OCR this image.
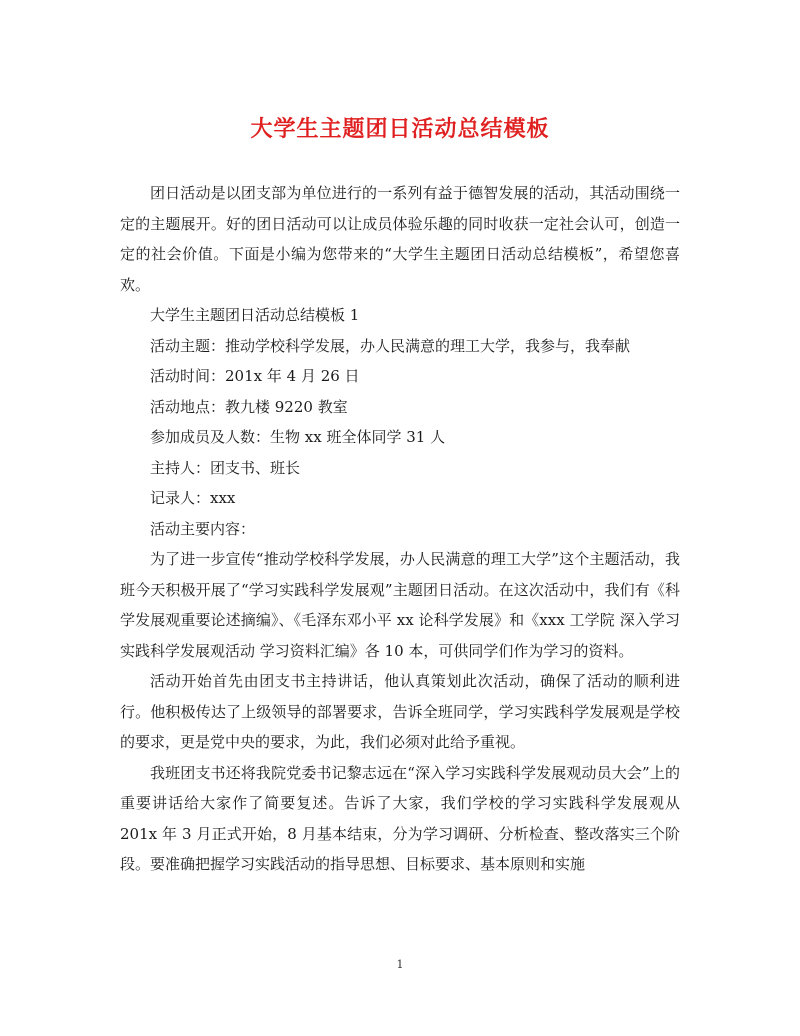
大学生主题团日活动总结模板

团日活动是以团支部为单位进行的一系列有益于德智发展的活动，其活动围绕一定的主题展开。好的团日活动可以让成员体验乐趣的同时收获一定社会认可，创造一定的社会价值。下面是小编为您带来的“大学生主题团日活动总结模板”，希望您喜欢。

大学生主题团日活动总结模板 1

活动主题：推动学校科学发展，办人民满意的理工大学，我参与，我奉献

活动时间：201x 年 4 月 26 日

活动地点：教九楼 9220 教室

参加成员及人数：生物 xx 班全体同学 31 人

主持人：团支书、班长

记录人：xxx

活动主要内容：

为了进一步宣传“推动学校科学发展，办人民满意的理工大学”这个主题活动，我班今天积极开展了“学习实践科学发展观”主题团日活动。在这次活动中，我们有《科学发展观重要论述摘编》、《毛泽东邓小平 xx 论科学发展》和《xxx 工学院 深入学习实践科学发展观活动 学习资料汇编》各 10 本，可供同学们作为学习的资料。

活动开始首先由团支书主持讲话，他认真策划此次活动，确保了活动的顺利进行。他积极传达了上级领导的部署要求，告诉全班同学，学习实践科学发展观是学校的要求，更是党中央的要求，为此，我们必须对此给予重视。

我班团支书还将我院党委书记黎志远在“深入学习实践科学发展观动员大会”上的重要讲话给大家作了简要复述。告诉了大家，我们学校的学习实践科学发展观从 201x 年 3 月正式开始，8 月基本结束，分为学习调研、分析检查、整改落实三个阶段。要准确把握学习实践活动的指导思想、目标要求、基本原则和实施

1
